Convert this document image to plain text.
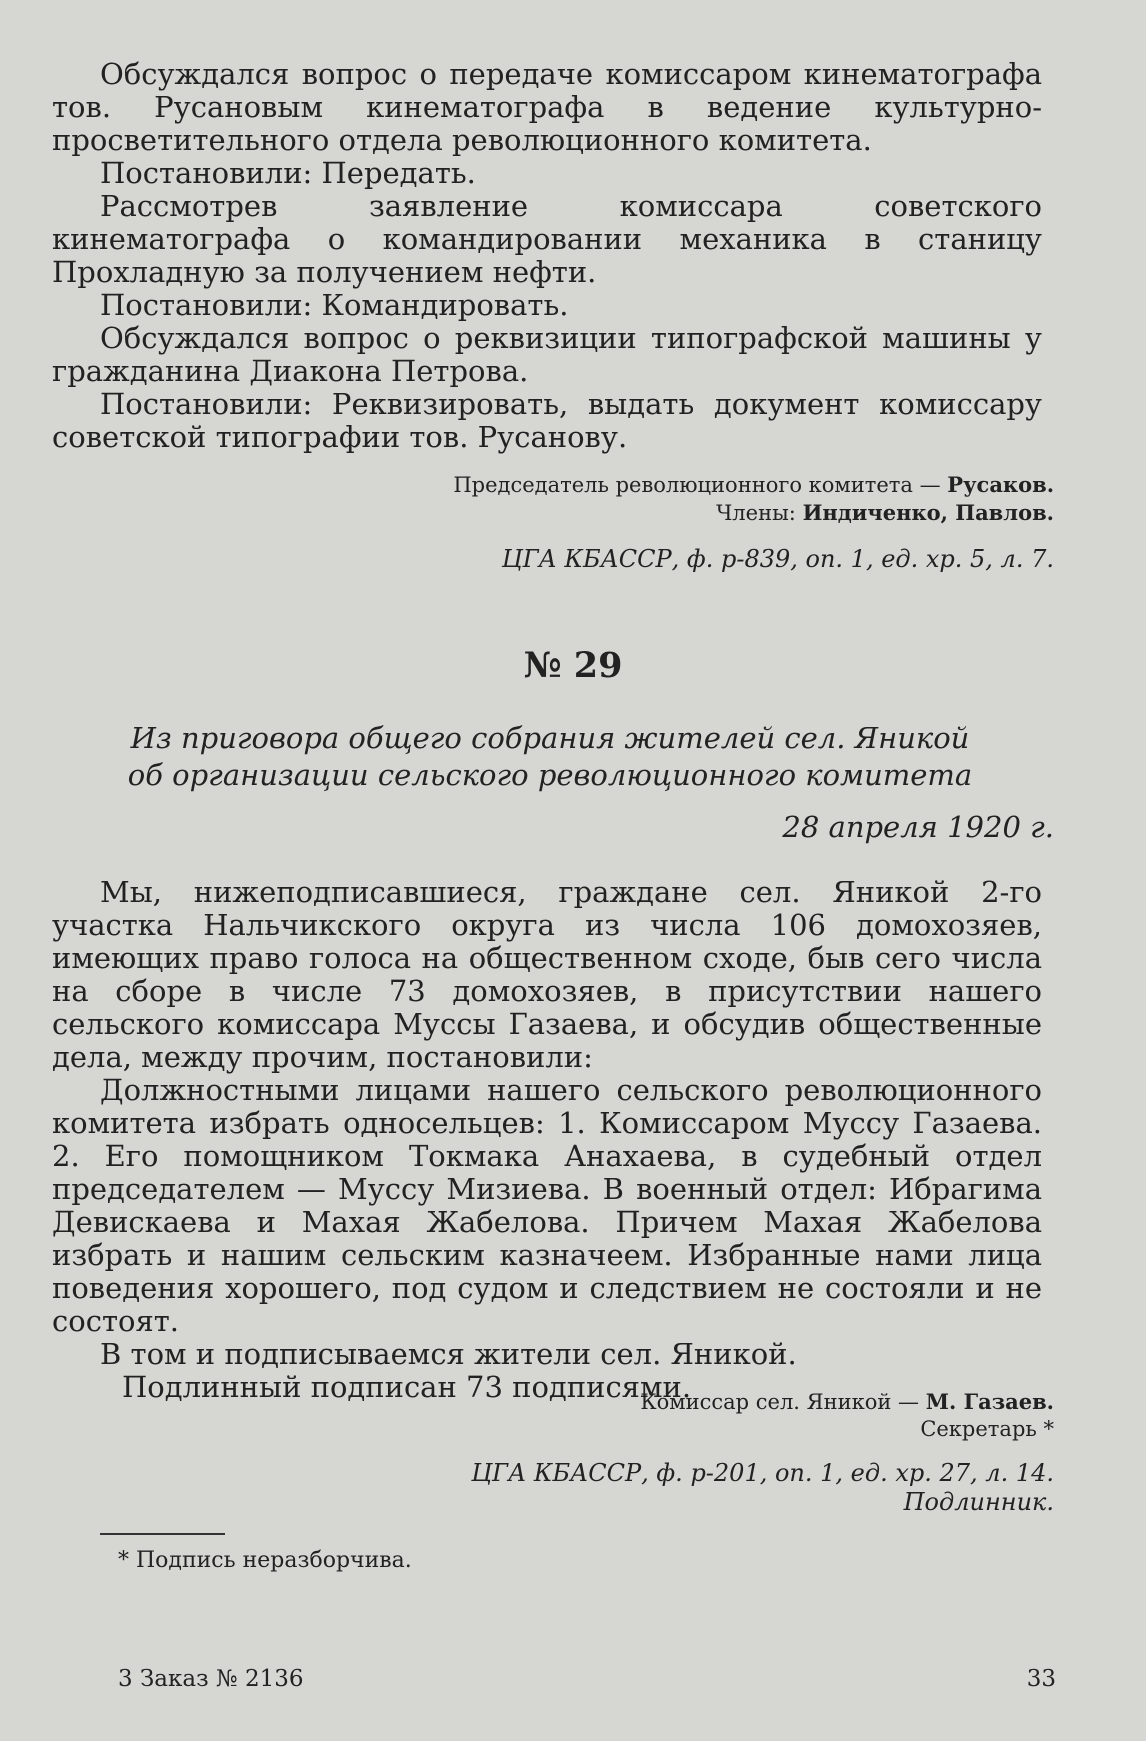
Обсуждался вопрос о передаче комиссаром кинематографа тов. Русановым кинематографа в ведение культурно-просветительного отдела революционного комитета.

Постановили: Передать.

Рассмотрев заявление комиссара советского кинематографа о командировании механика в станицу Прохладную за получением нефти.

Постановили: Командировать.

Обсуждался вопрос о реквизиции типографской машины у гражданина Диакона Петрова.

Постановили: Реквизировать, выдать документ комиссару советской типографии тов. Русанову.

Председатель революционного комитета — Русаков.
Члены: Индиченко, Павлов.
ЦГА КБАССР, ф. р-839, оп. 1, ед. хр. 5, л. 7.
№ 29
Из приговора общего собрания жителей сел. Яникой
об организации сельского революционного комитета
28 апреля 1920 г.

Мы, нижеподписавшиеся, граждане сел. Яникой 2-го участка Нальчикского округа из числа 106 домохозяев, имеющих право голоса на общественном сходе, быв сего числа на сборе в числе 73 домохозяев, в присутствии нашего сельского комиссара Муссы Газаева, и обсудив общественные дела, между прочим, постановили:

Должностными лицами нашего сельского революционного комитета избрать односельцев: 1. Комиссаром Муссу Газаева. 2. Его помощником Токмака Анахаева, в судебный отдел председателем — Муссу Мизиева. В военный отдел: Ибрагима Девискаева и Махая Жабелова. Причем Махая Жабелова избрать и нашим сельским казначеем. Избранные нами лица поведения хорошего, под судом и следствием не состояли и не состоят.

В том и подписываемся жители сел. Яникой.

Подлинный подписан 73 подписями.

Комиссар сел. Яникой — М. Газаев.
Секретарь *
ЦГА КБАССР, ф. р-201, оп. 1, ед. хр. 27, л. 14.
Подлинник.
* Подпись неразборчива.
3 Заказ № 2136	33
